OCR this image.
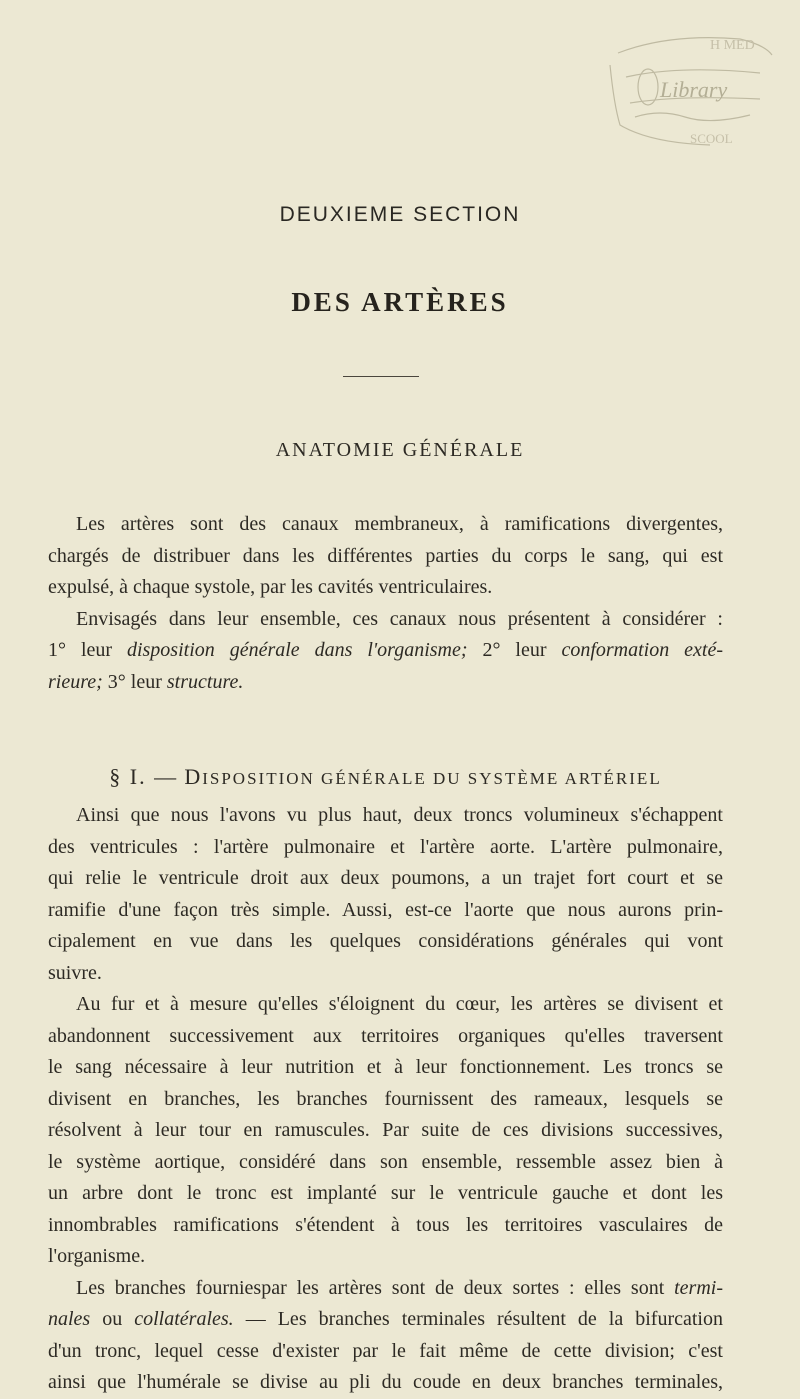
H MED
Library
SCOOL
DEUXIEME SECTION
DES ARTÈRES
ANATOMIE GÉNÉRALE
Les artères sont des canaux membraneux, à ramifications divergentes,
chargés de distribuer dans les différentes parties du corps le sang, qui est
expulsé, à chaque systole, par les cavités ventriculaires.
Envisagés dans leur ensemble, ces canaux nous présentent à considérer :
1° leur disposition générale dans l'organisme; 2° leur conformation exté-
rieure; 3° leur structure.
§ I. — DISPOSITION GÉNÉRALE DU SYSTÈME ARTÉRIEL
Ainsi que nous l'avons vu plus haut, deux troncs volumineux s'échappent
des ventricules : l'artère pulmonaire et l'artère aorte. L'artère pulmonaire,
qui relie le ventricule droit aux deux poumons, a un trajet fort court et se
ramifie d'une façon très simple. Aussi, est-ce l'aorte que nous aurons prin-
cipalement en vue dans les quelques considérations générales qui vont
suivre.
Au fur et à mesure qu'elles s'éloignent du cœur, les artères se divisent et
abandonnent successivement aux territoires organiques qu'elles traversent
le sang nécessaire à leur nutrition et à leur fonctionnement. Les troncs se
divisent en branches, les branches fournissent des rameaux, lesquels se
résolvent à leur tour en ramuscules. Par suite de ces divisions successives,
le système aortique, considéré dans son ensemble, ressemble assez bien à
un arbre dont le tronc est implanté sur le ventricule gauche et dont les
innombrables ramifications s'étendent à tous les territoires vasculaires de
l'organisme.
Les branches fourniespar les artères sont de deux sortes : elles sont termi-
nales ou collatérales. — Les branches terminales résultent de la bifurcation
d'un tronc, lequel cesse d'exister par le fait même de cette division; c'est
ainsi que l'humérale se divise au pli du coude en deux branches terminales,
